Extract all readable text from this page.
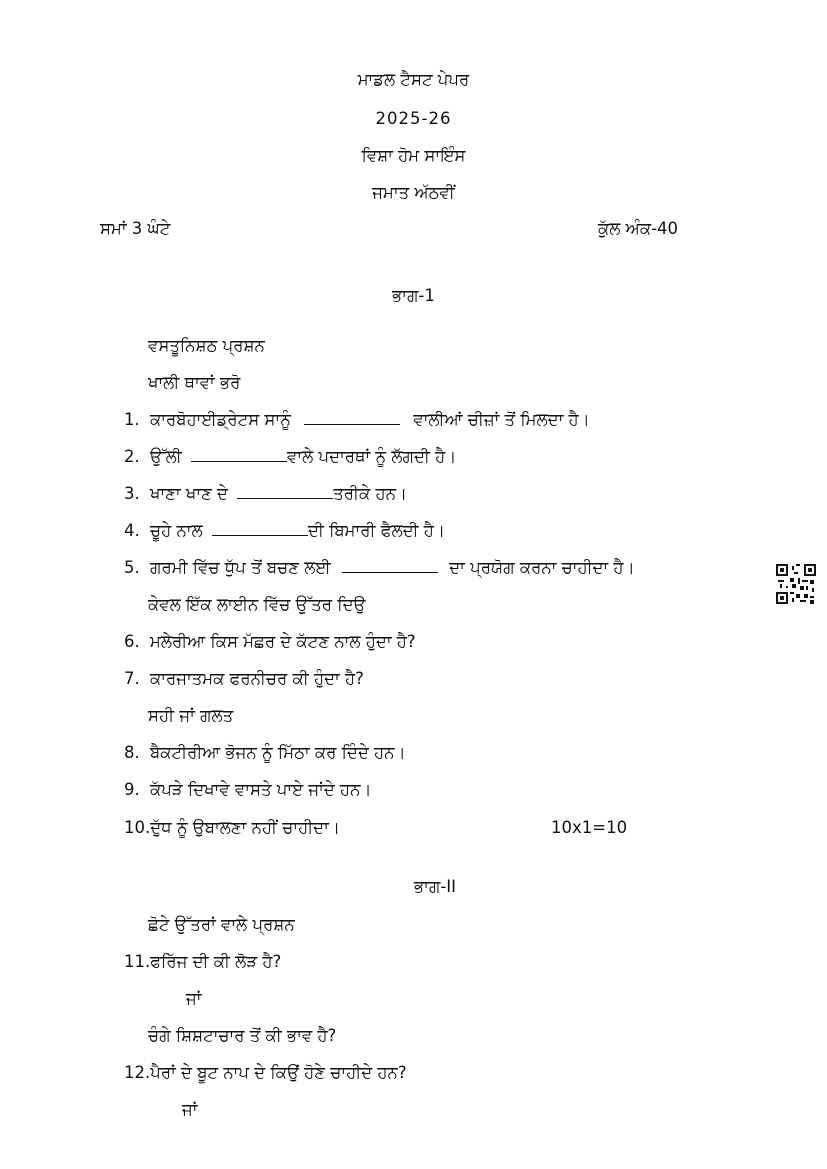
ਮਾਡਲ ਟੈਸਟ ਪੇਪਰ
2025-26
ਵਿਸ਼ਾ ਹੋਮ ਸਾਇੰਸ
ਜਮਾਤ ਅੱਠਵੀਂ
ਸਮਾਂ 3 ਘੰਟੇ	ਕੁੱਲ ਅੰਕ-40
ਭਾਗ-1
ਵਸਤੂਨਿਸ਼ਠ ਪ੍ਰਸ਼ਨ
ਖਾਲੀ ਥਾਵਾਂ ਭਰੋ
1. ਕਾਰਬੋਹਾਈਡ੍ਰੇਟਸ ਸਾਨੂੰ	ਵਾਲੀਆਂ ਚੀਜ਼ਾਂ ਤੋਂ ਮਿਲਦਾ ਹੈ।
2. ਉੱਲੀ	ਵਾਲੇ ਪਦਾਰਥਾਂ ਨੂੰ ਲੱਗਦੀ ਹੈ।
3. ਖਾਣਾ ਖਾਣ ਦੇ	ਤਰੀਕੇ ਹਨ।
4. ਚੂਹੇ ਨਾਲ	ਦੀ ਬਿਮਾਰੀ ਫੈਲਦੀ ਹੈ।
5. ਗਰਮੀ ਵਿੱਚ ਧੁੱਪ ਤੋਂ ਬਚਣ ਲਈ	ਦਾ ਪ੍ਰਯੋਗ ਕਰਨਾ ਚਾਹੀਦਾ ਹੈ।
ਕੇਵਲ ਇੱਕ ਲਾਈਨ ਵਿੱਚ ਉੱਤਰ ਦਿਉ
6. ਮਲੇਰੀਆ ਕਿਸ ਮੱਛਰ ਦੇ ਕੱਟਣ ਨਾਲ ਹੁੰਦਾ ਹੈ?
7. ਕਾਰਜਾਤਮਕ ਫਰਨੀਚਰ ਕੀ ਹੁੰਦਾ ਹੈ?
ਸਹੀ ਜਾਂ ਗਲਤ
8. ਬੈਕਟੀਰੀਆ ਭੋਜਨ ਨੂੰ ਮਿੱਠਾ ਕਰ ਦਿੰਦੇ ਹਨ।
9. ਕੱਪੜੇ ਦਿਖਾਵੇ ਵਾਸਤੇ ਪਾਏ ਜਾਂਦੇ ਹਨ।
10.ਦੁੱਧ ਨੂੰ ਉਬਾਲਣਾ ਨਹੀਂ ਚਾਹੀਦਾ।	10x1=10
ਭਾਗ-II
ਛੋਟੇ ਉੱਤਰਾਂ ਵਾਲੇ ਪ੍ਰਸ਼ਨ
11.ਫਰਿੱਜ ਦੀ ਕੀ ਲੋੜ ਹੈ?
ਜਾਂ
ਚੰਗੇ ਸ਼ਿਸ਼ਟਾਚਾਰ ਤੋਂ ਕੀ ਭਾਵ ਹੈ?
12.ਪੈਰਾਂ ਦੇ ਬੂਟ ਨਾਪ ਦੇ ਕਿਉਂ ਹੋਣੇ ਚਾਹੀਦੇ ਹਨ?
ਜਾਂ
